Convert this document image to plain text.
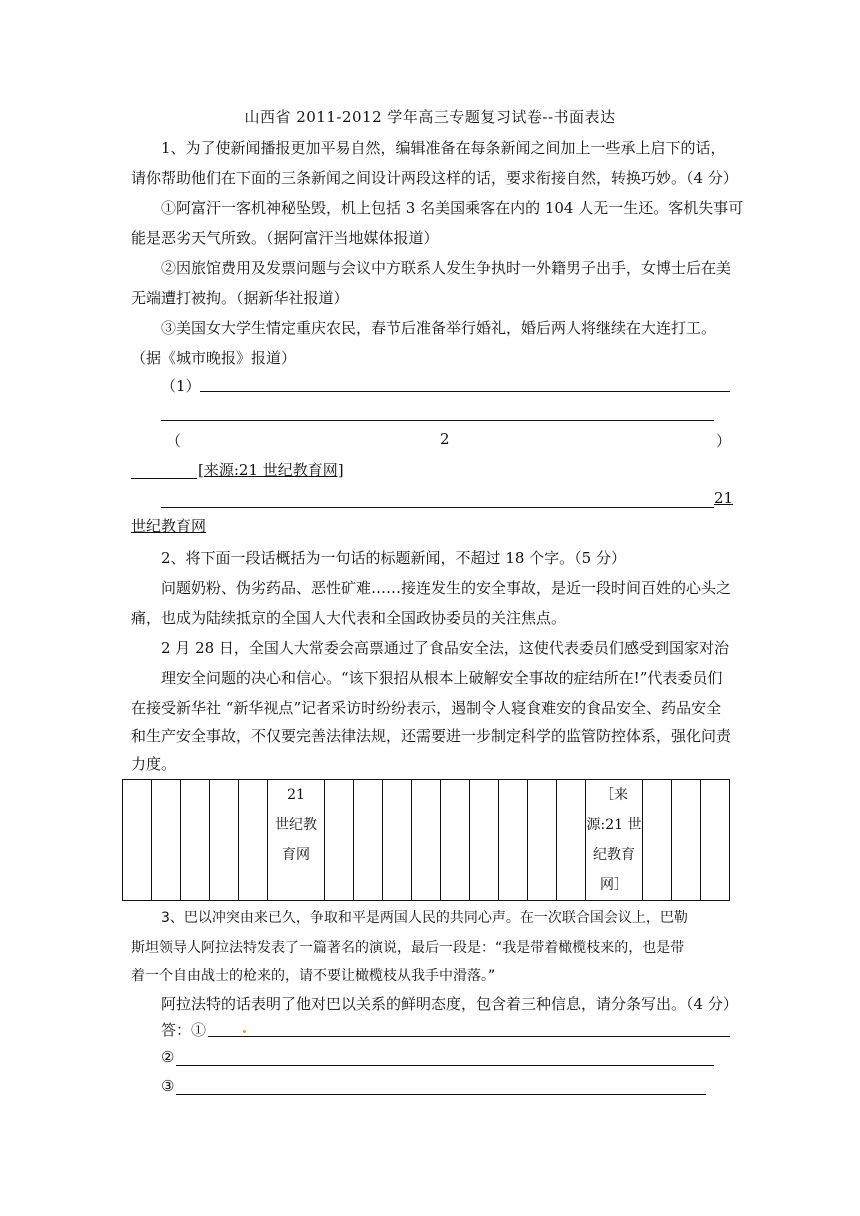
山西省 2011-2012 学年高三专题复习试卷--书面表达
1、为了使新闻播报更加平易自然，编辑准备在每条新闻之间加上一些承上启下的话，
请你帮助他们在下面的三条新闻之间设计两段这样的话，要求衔接自然，转换巧妙。（4 分）
①阿富汗一客机神秘坠毁，机上包括 3 名美国乘客在内的 104 人无一生还。客机失事可
能是恶劣天气所致。（据阿富汗当地媒体报道）
②因旅馆费用及发票问题与会议中方联系人发生争执时一外籍男子出手，女博士后在美
无端遭打被拘。（据新华社报道）
③美国女大学生情定重庆农民，春节后准备举行婚礼，婚后两人将继续在大连打工。
（据《城市晚报》报道）
（1）
（	2	）
[来源:21 世纪教育网]
21
世纪教育网
2、将下面一段话概括为一句话的标题新闻，不超过 18 个字。（5 分）
问题奶粉、伪劣药品、恶性矿难……接连发生的安全事故，是近一段时间百姓的心头之
痛，也成为陆续抵京的全国人大代表和全国政协委员的关注焦点。
2 月 28 日，全国人大常委会高票通过了食品安全法，这使代表委员们感受到国家对治
理安全问题的决心和信心。“该下狠招从根本上破解安全事故的症结所在!”代表委员们
在接受新华社 “新华视点”记者采访时纷纷表示，遏制令人寝食难安的食品安全、药品安全
和生产安全事故，不仅要完善法律法规，还需要进一步制定科学的监管防控体系，强化问责
力度。

21
世纪教
育网

［来
源:21 世
纪教育
网］

3、巴以冲突由来已久，争取和平是两国人民的共同心声。在一次联合国会议上，巴勒
斯坦领导人阿拉法特发表了一篇著名的演说，最后一段是：“我是带着橄榄枝来的，也是带
着一个自由战士的枪来的，请不要让橄榄枝从我手中滑落。”
阿拉法特的话表明了他对巴以关系的鲜明态度，包含着三种信息，请分条写出。（4 分）
答：①
②
③
